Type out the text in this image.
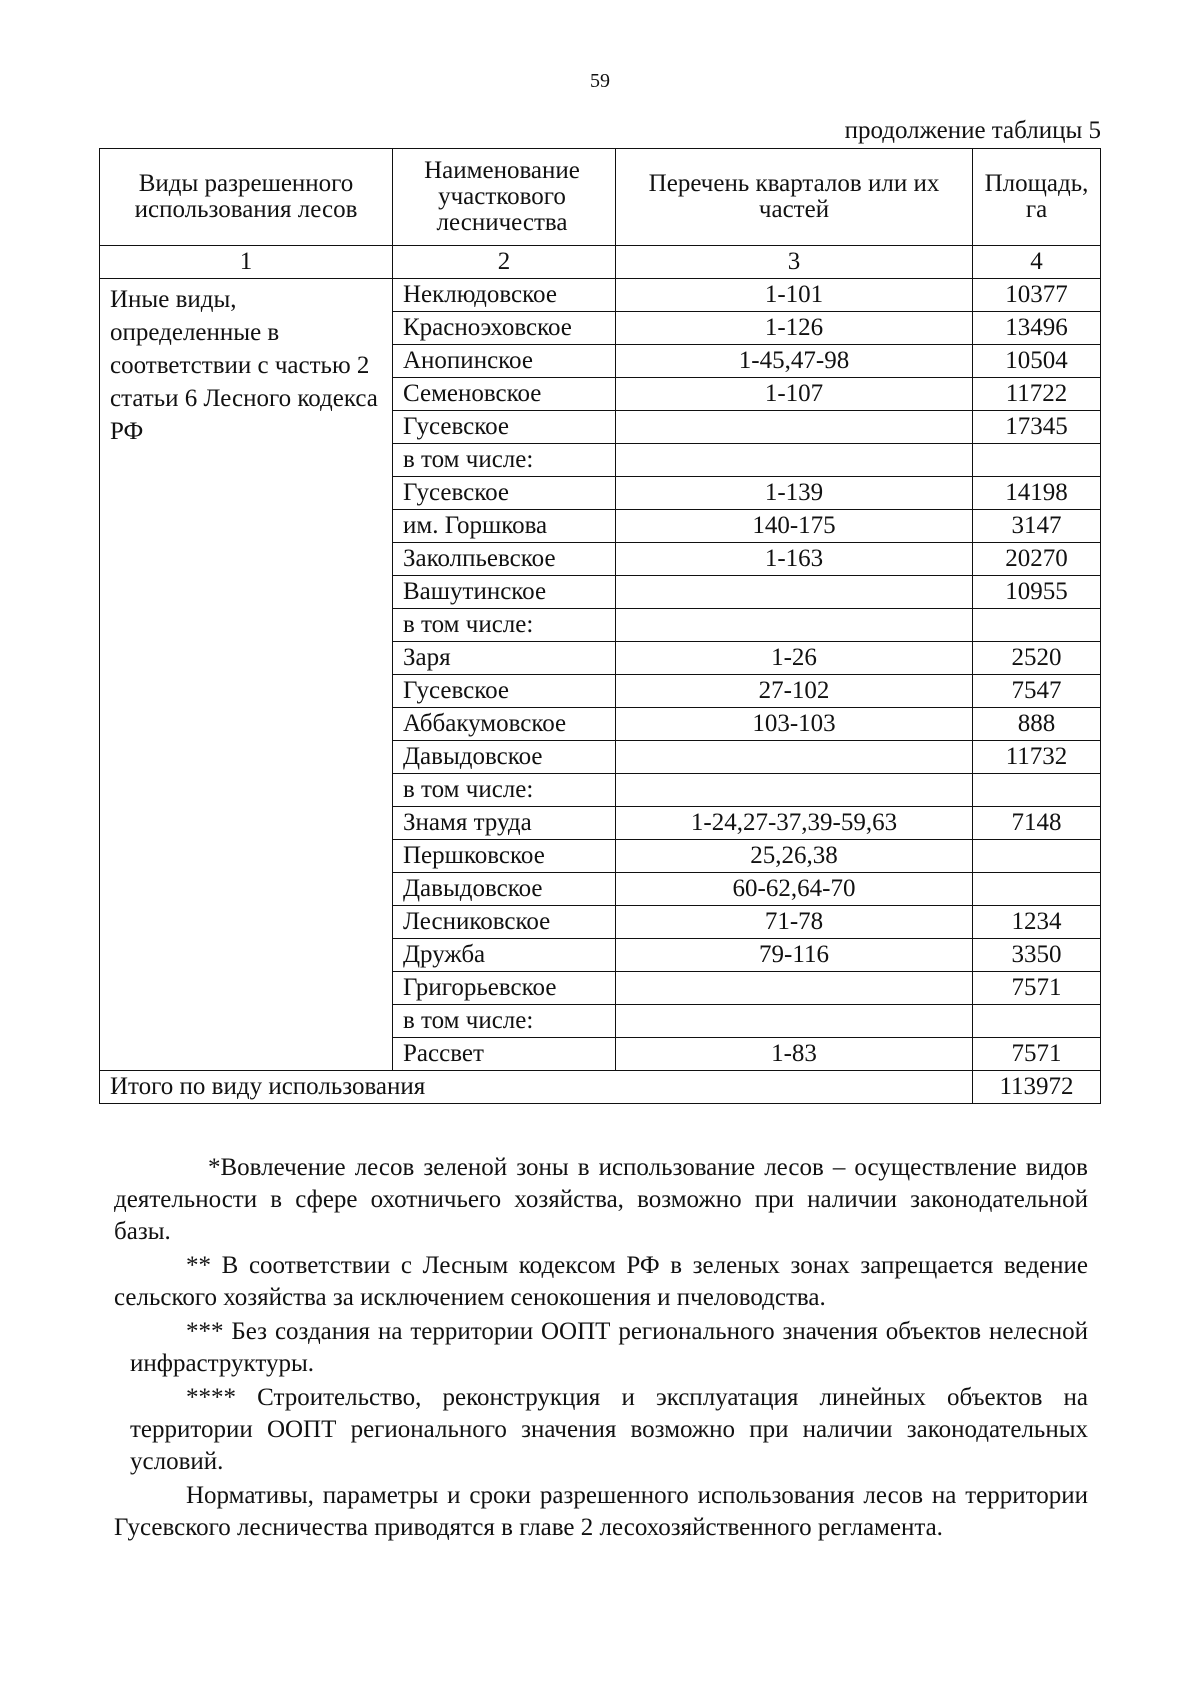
59
продолжение таблицы 5
Виды разрешенного использования лесов	Наименование участкового лесничества	Перечень кварталов или их частей	Площадь, га
1	2	3	4
Иные виды, определенные в соответствии с частью 2 статьи 6 Лесного кодекса РФ	Неклюдовское	1-101	10377
	Красноэховское	1-126	13496
	Анопинское	1-45,47-98	10504
	Семеновское	1-107	11722
	Гусевское		17345
	в том числе:		
	Гусевское	1-139	14198
	им. Горшкова	140-175	3147
	Заколпьевское	1-163	20270
	Вашутинское		10955
	в том числе:		
	Заря	1-26	2520
	Гусевское	27-102	7547
	Аббакумовское	103-103	888
	Давыдовское		11732
	в том числе:		
	Знамя труда	1-24,27-37,39-59,63	7148
	Першковское	25,26,38	
	Давыдовское	60-62,64-70	
	Лесниковское	71-78	1234
	Дружба	79-116	3350
	Григорьевское		7571
	в том числе:		
	Рассвет	1-83	7571
Итого по виду использования			113972

*Вовлечение лесов зеленой зоны в использование лесов – осуществление видов деятельности в сфере охотничьего хозяйства, возможно при наличии законодательной базы.

** В соответствии с Лесным кодексом РФ в зеленых зонах запрещается ведение сельского хозяйства за исключением сенокошения и пчеловодства.

*** Без создания на территории ООПТ регионального значения объектов нелесной инфраструктуры.

**** Строительство, реконструкция и эксплуатация линейных объектов на территории ООПТ регионального значения возможно при наличии законодательных условий.

Нормативы, параметры и сроки разрешенного использования лесов на территории Гусевского лесничества приводятся в главе 2 лесохозяйственного регламента.
